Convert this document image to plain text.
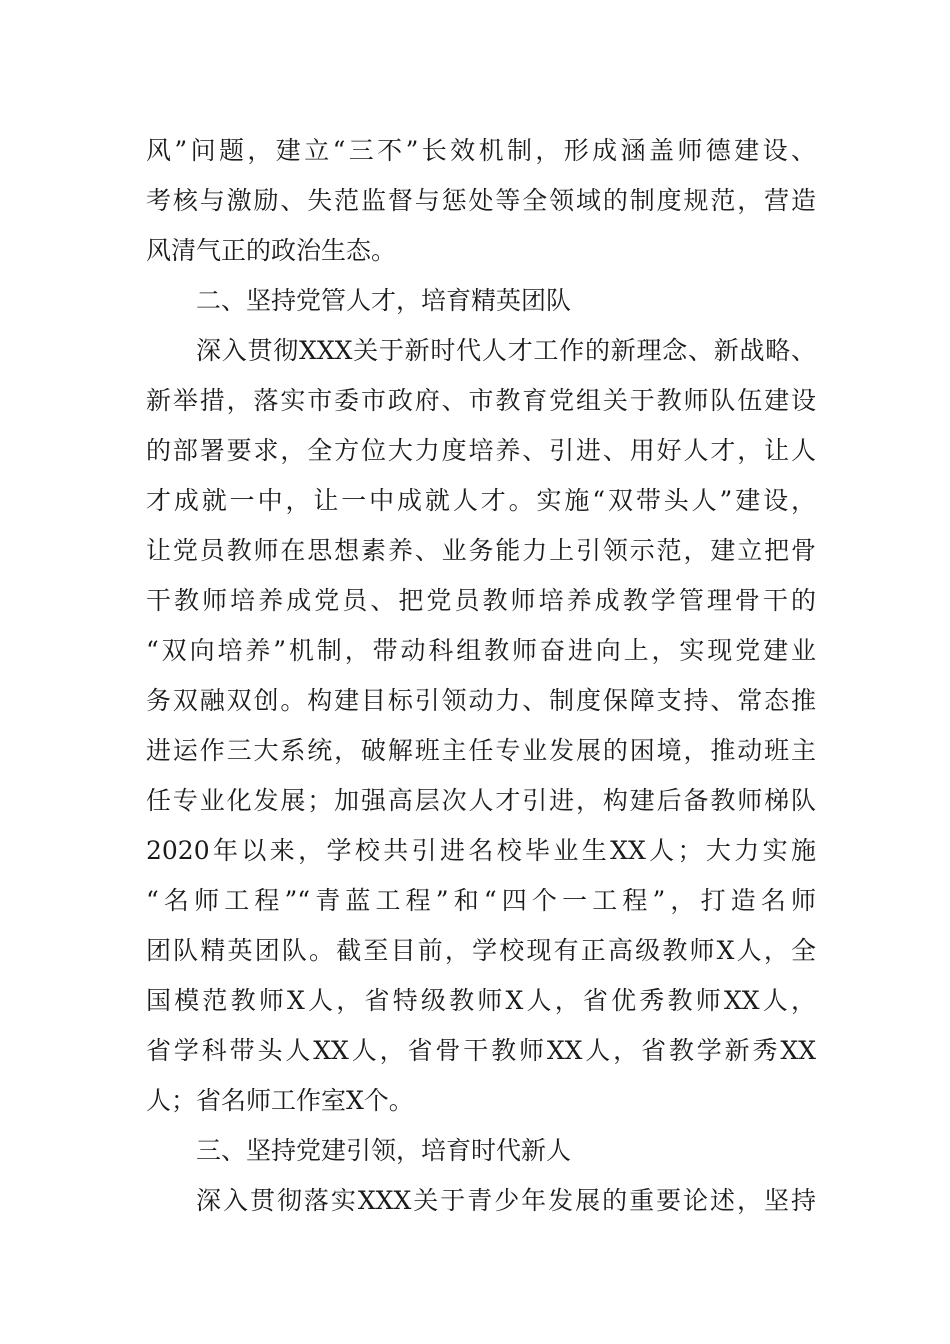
风”问题，建立“三不”长效机制，形成涵盖师德建设、
考核与激励、失范监督与惩处等全领域的制度规范，营造
风清气正的政治生态。
二、坚持党管人才，培育精英团队
深入贯彻XXX关于新时代人才工作的新理念、新战略、
新举措，落实市委市政府、市教育党组关于教师队伍建设
的部署要求，全方位大力度培养、引进、用好人才，让人
才成就一中，让一中成就人才。实施“双带头人”建设，
让党员教师在思想素养、业务能力上引领示范，建立把骨
干教师培养成党员、把党员教师培养成教学管理骨干的
“双向培养”机制，带动科组教师奋进向上，实现党建业
务双融双创。构建目标引领动力、制度保障支持、常态推
进运作三大系统，破解班主任专业发展的困境，推动班主
任专业化发展；加强高层次人才引进，构建后备教师梯队
2020年以来，学校共引进名校毕业生XX人；大力实施
“名师工程”“青蓝工程”和“四个一工程”，打造名师
团队精英团队。截至目前，学校现有正高级教师X人，全
国模范教师X人，省特级教师X人，省优秀教师XX人，
省学科带头人XX人，省骨干教师XX人，省教学新秀XX
人；省名师工作室X个。
三、坚持党建引领，培育时代新人
深入贯彻落实XXX关于青少年发展的重要论述，坚持
